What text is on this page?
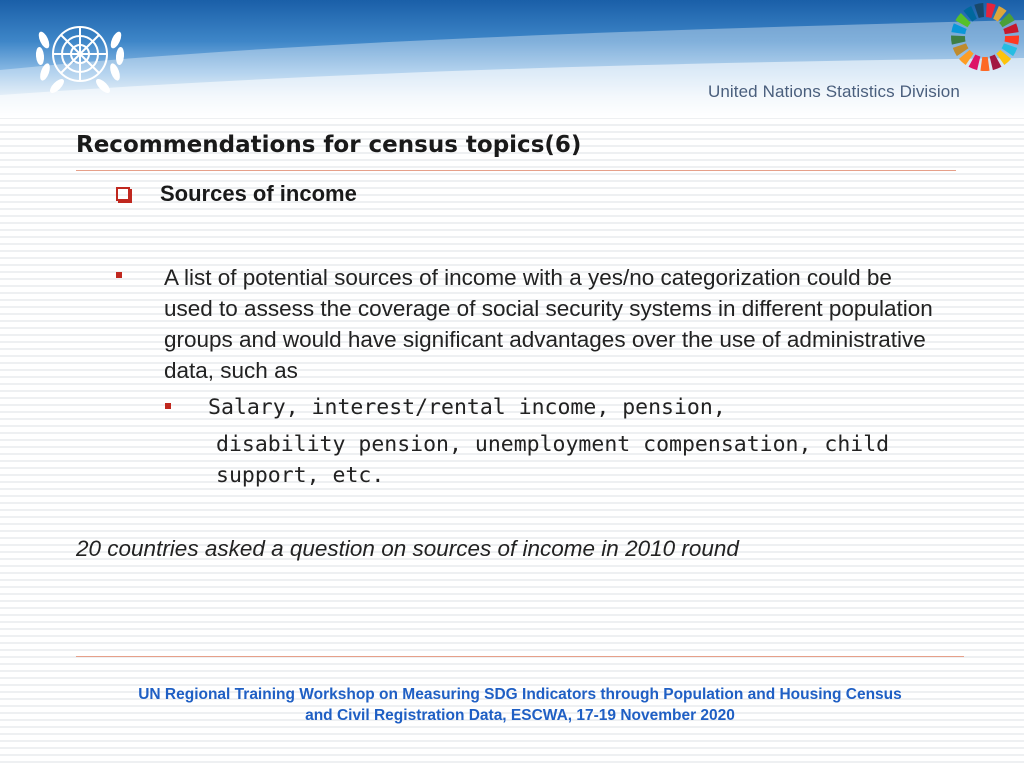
United Nations Statistics Division
Recommendations for census topics(6)
Sources of income
A list of potential sources of income with a yes/no categorization could be used to assess the coverage of social security systems in different population groups and would have significant advantages over the use of administrative data, such as
Salary, interest/rental income, pension,
disability pension, unemployment compensation, child support, etc.
20 countries asked a question on sources of income in 2010 round
UN Regional Training Workshop on Measuring SDG Indicators through Population and Housing Census
and Civil Registration Data, ESCWA, 17-19 November 2020
